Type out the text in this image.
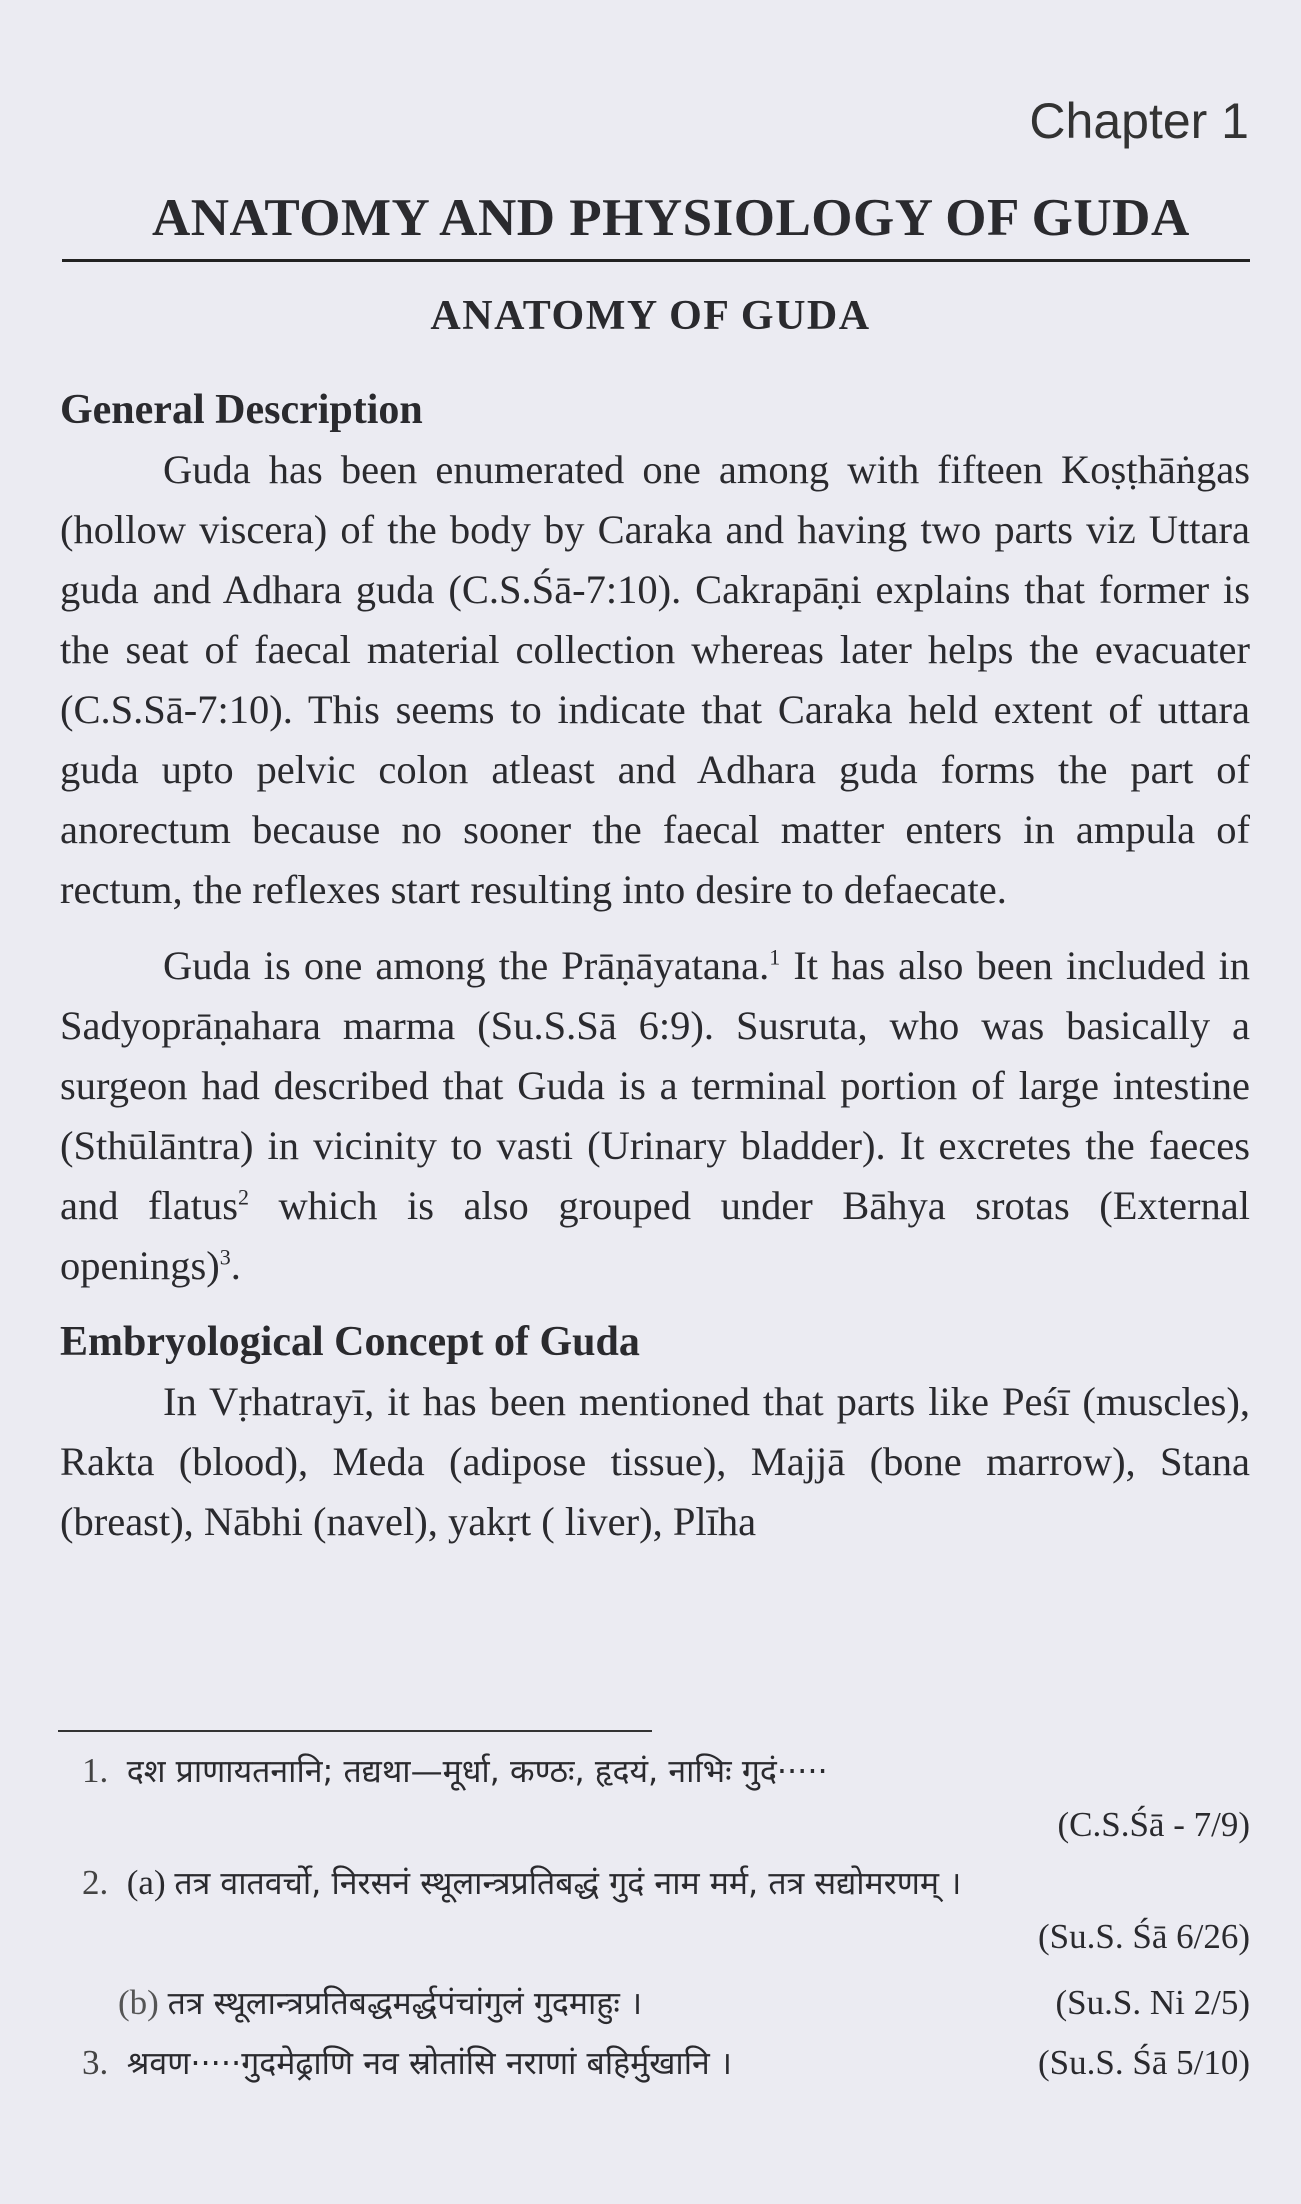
Chapter 1
ANATOMY AND PHYSIOLOGY OF GUDA
ANATOMY OF GUDA
General Description

Guda has been enumerated one among with fifteen Koṣṭhāṅgas (hollow viscera) of the body by Caraka and having two parts viz Uttara guda and Adhara guda (C.S.Śā-7:10). Cakrapāṇi explains that former is the seat of faecal material collection whereas later helps the evacuater (C.S.Sā-7:10). This seems to indicate that Caraka held extent of uttara guda upto pelvic colon atleast and Adhara guda forms the part of anorectum because no sooner the faecal matter enters in ampula of rectum, the reflexes start resulting into desire to defaecate.

Guda is one among the Prāṇāyatana.$^1$ It has also been included in Sadyoprāṇahara marma (Su.S.Sā 6:9). Susruta, who was basically a surgeon had described that Guda is a terminal portion of large intestine (Sthūlāntra) in vicinity to vasti (Urinary bladder). It excretes the faeces and flatus$^2$ which is also grouped under Bāhya srotas (External openings)$^3$.

Embryological Concept of Guda

In Vṛhatrayī, it has been mentioned that parts like Peśī (muscles), Rakta (blood), Meda (adipose tissue), Majjā (bone marrow), Stana (breast), Nābhi (navel), yakṛt ( liver), Plīha

1. दश प्राणायतनानि; तद्यथा—मूर्धा, कण्ठः, हृदयं, नाभिः गुदं·····
(C.S.Śā - 7/9)
2. (a) तत्र वातवर्चो, निरसनं स्थूलान्त्रप्रतिबद्धं गुदं नाम मर्म, तत्र सद्योमरणम् ।
(Su.S. Śā 6/26)
(b) तत्र स्थूलान्त्रप्रतिबद्धमर्द्धपंचांगुलं गुदमाहुः ।	(Su.S. Ni 2/5)
3. श्रवण·····गुदमेढ्राणि नव स्रोतांसि नराणां बहिर्मुखानि ।	(Su.S. Śā 5/10)
